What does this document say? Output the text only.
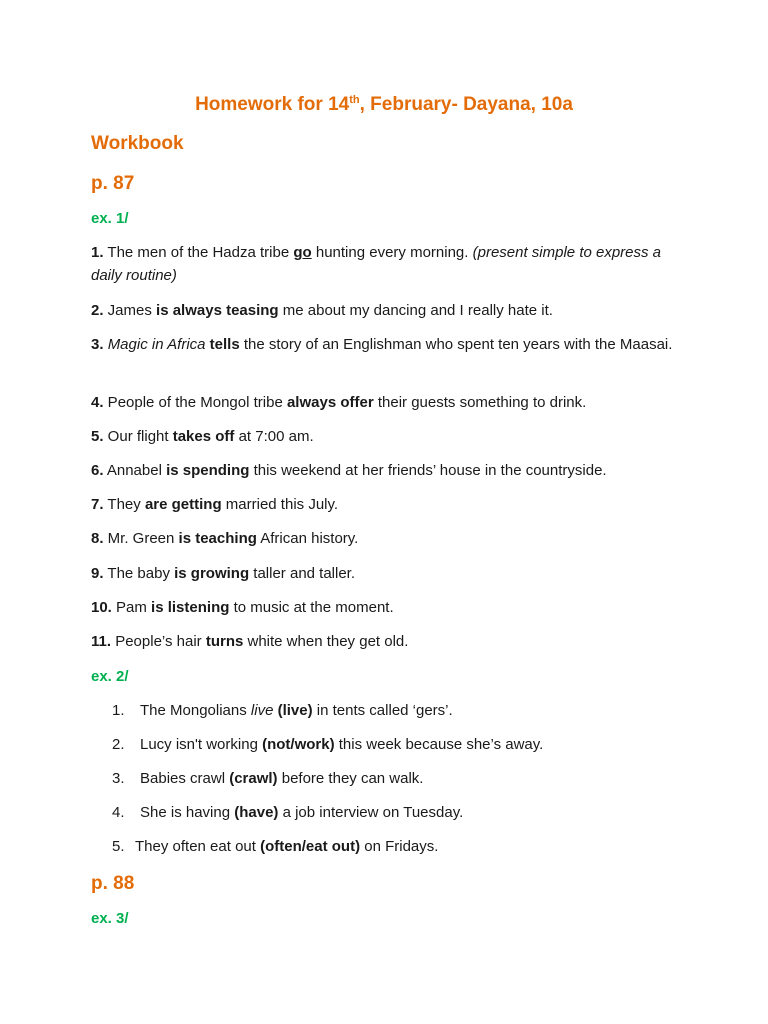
Homework for 14th, February- Dayana, 10a
Workbook
p. 87
ex. 1/
1. The men of the Hadza tribe go hunting every morning. (present simple to express a daily routine)
2. James is always teasing me about my dancing and I really hate it.
3. Magic in Africa tells the story of an Englishman who spent ten years with the Maasai.
4. People of the Mongol tribe always offer their guests something to drink.
5. Our flight takes off at 7:00 am.
6. Annabel is spending this weekend at her friends’ house in the countryside.
7. They are getting married this July.
8. Mr. Green is teaching African history.
9. The baby is growing taller and taller.
10. Pam is listening to music at the moment.
11. People’s hair turns white when they get old.
ex. 2/
1. The Mongolians live (live) in tents called ‘gers’.
2. Lucy isn't working (not/work) this week because she’s away.
3. Babies crawl (crawl) before they can walk.
4. She is having (have) a job interview on Tuesday.
5. They often eat out (often/eat out) on Fridays.
p. 88
ex. 3/
